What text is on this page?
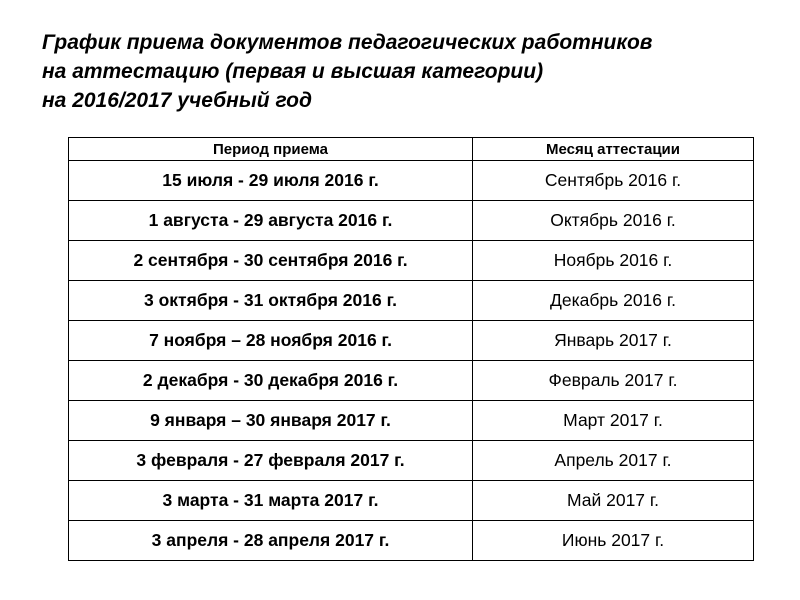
График приема документов педагогических работников
на аттестацию (первая и высшая категории)
на 2016/2017 учебный год
Период приема	Месяц аттестации
15 июля - 29 июля 2016 г.	Сентябрь 2016 г.
1 августа - 29 августа 2016 г.	Октябрь 2016 г.
2 сентября - 30 сентября 2016 г.	Ноябрь 2016 г.
3 октября - 31 октября 2016 г.	Декабрь 2016 г.
7 ноября – 28 ноября 2016 г.	Январь 2017 г.
2 декабря - 30 декабря 2016 г.	Февраль 2017 г.
9 января – 30 января 2017 г.	Март 2017 г.
3 февраля - 27 февраля 2017 г.	Апрель 2017 г.
3 марта - 31 марта 2017 г.	Май 2017 г.
3 апреля - 28 апреля 2017 г.	Июнь 2017 г.
